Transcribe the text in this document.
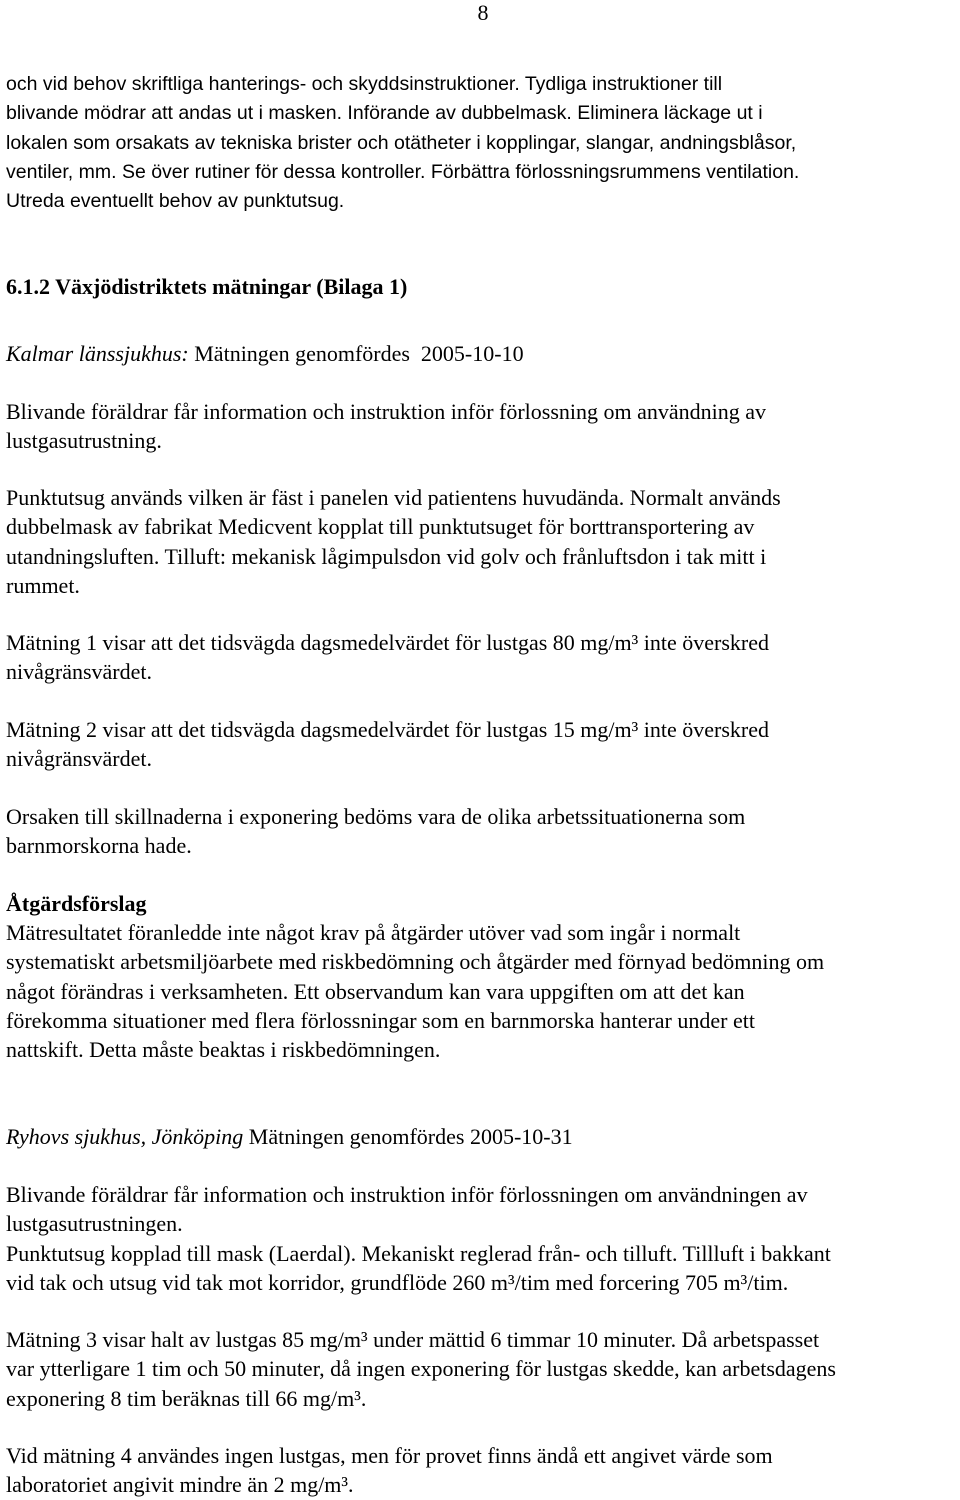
8

och vid behov skriftliga hanterings- och skyddsinstruktioner. Tydliga instruktioner till

blivande mödrar att andas ut i masken. Införande av dubbelmask. Eliminera läckage ut i

lokalen som orsakats av tekniska brister och otätheter i kopplingar, slangar, andningsblåsor,

ventiler, mm. Se över rutiner för dessa kontroller. Förbättra förlossningsrummens ventilation.

Utreda eventuellt behov av punktutsug.

6.1.2 Växjödistriktets mätningar (Bilaga 1)
Kalmar länssjukhus: Mätningen genomfördes  2005-10-10

Blivande föräldrar får information och instruktion inför förlossning om användning av

lustgasutrustning.

Punktutsug används vilken är fäst i panelen vid patientens huvudända. Normalt används

dubbelmask av fabrikat Medicvent kopplat till punktutsuget för borttransportering av

utandningsluften. Tilluft: mekanisk lågimpulsdon vid golv och frånluftsdon i tak mitt i

rummet.

Mätning 1 visar att det tidsvägda dagsmedelvärdet för lustgas 80 mg/m³ inte överskred

nivågränsvärdet.

Mätning 2 visar att det tidsvägda dagsmedelvärdet för lustgas 15 mg/m³ inte överskred

nivågränsvärdet.

Orsaken till skillnaderna i exponering bedöms vara de olika arbetssituationerna som

barnmorskorna hade.

Åtgärdsförslag

Mätresultatet föranledde inte något krav på åtgärder utöver vad som ingår i normalt

systematiskt arbetsmiljöarbete med riskbedömning och åtgärder med förnyad bedömning om

något förändras i verksamheten. Ett observandum kan vara uppgiften om att det kan

förekomma situationer med flera förlossningar som en barnmorska hanterar under ett

nattskift. Detta måste beaktas i riskbedömningen.

Ryhovs sjukhus, Jönköping Mätningen genomfördes 2005-10-31

Blivande föräldrar får information och instruktion inför förlossningen om användningen av

lustgasutrustningen.

Punktutsug kopplad till mask (Laerdal). Mekaniskt reglerad från- och tilluft. Tillluft i bakkant

vid tak och utsug vid tak mot korridor, grundflöde 260 m³/tim med forcering 705 m³/tim.

Mätning 3 visar halt av lustgas 85 mg/m³ under mättid 6 timmar 10 minuter. Då arbetspasset

var ytterligare 1 tim och 50 minuter, då ingen exponering för lustgas skedde, kan arbetsdagens

exponering 8 tim beräknas till 66 mg/m³.

Vid mätning 4 användes ingen lustgas, men för provet finns ändå ett angivet värde som

laboratoriet angivit mindre än 2 mg/m³.
